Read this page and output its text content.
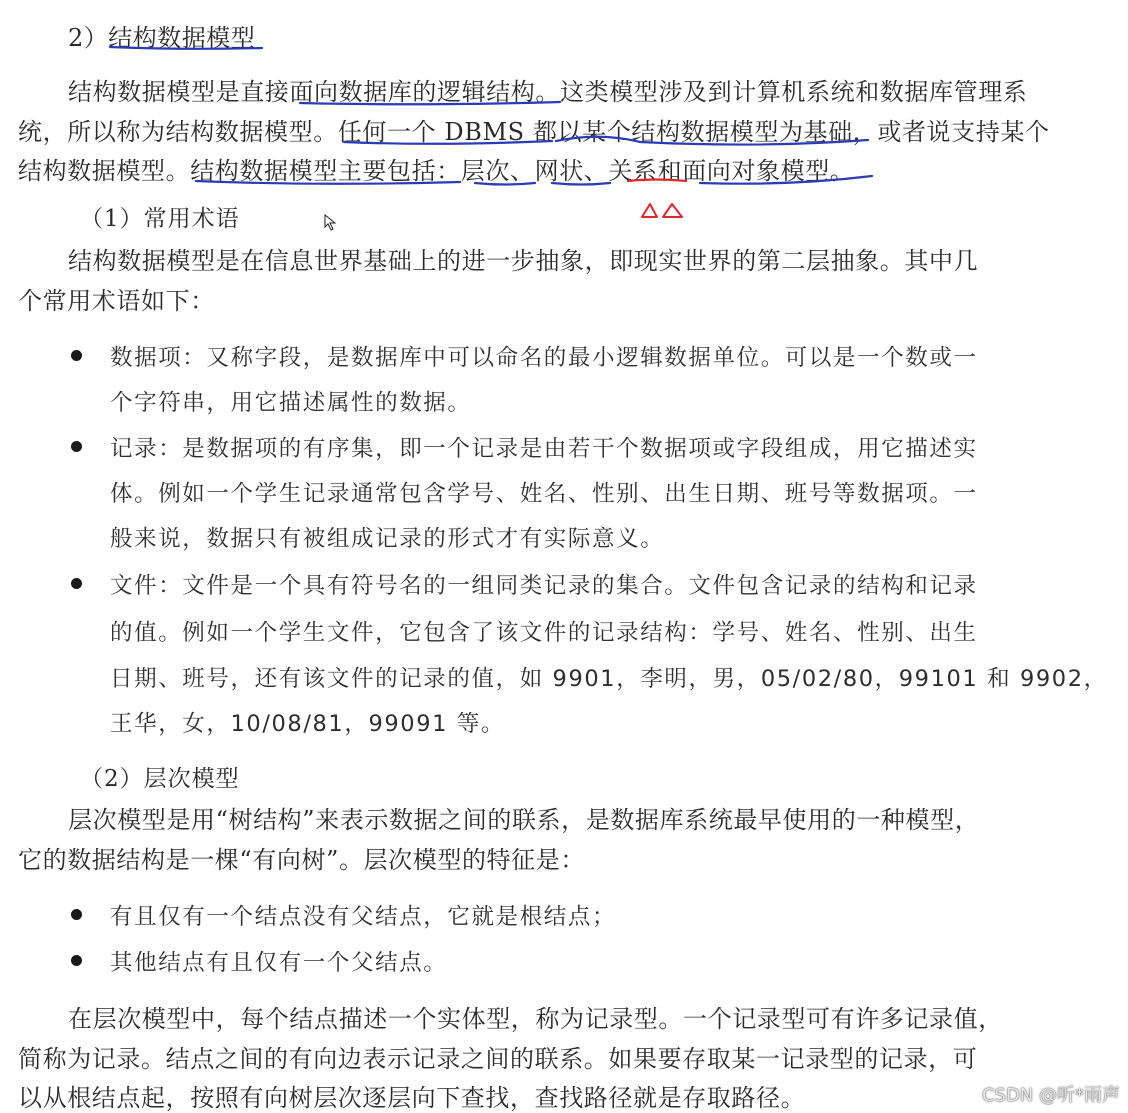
2）结构数据模型
结构数据模型是直接面向数据库的逻辑结构。这类模型涉及到计算机系统和数据库管理系
统，所以称为结构数据模型。任何一个 DBMS 都以某个结构数据模型为基础，或者说支持某个
结构数据模型。结构数据模型主要包括：层次、网状、关系和面向对象模型。
（1）常用术语
结构数据模型是在信息世界基础上的进一步抽象，即现实世界的第二层抽象。其中几
个常用术语如下：
数据项：又称字段，是数据库中可以命名的最小逻辑数据单位。可以是一个数或一
个字符串，用它描述属性的数据。
记录：是数据项的有序集，即一个记录是由若干个数据项或字段组成，用它描述实
体。例如一个学生记录通常包含学号、姓名、性别、出生日期、班号等数据项。一
般来说，数据只有被组成记录的形式才有实际意义。
文件：文件是一个具有符号名的一组同类记录的集合。文件包含记录的结构和记录
的值。例如一个学生文件，它包含了该文件的记录结构：学号、姓名、性别、出生
日期、班号，还有该文件的记录的值，如 9901，李明，男，05/02/80，99101 和 9902，
王华，女，10/08/81，99091 等。
（2）层次模型
层次模型是用“树结构”来表示数据之间的联系，是数据库系统最早使用的一种模型，
它的数据结构是一棵“有向树”。层次模型的特征是：
有且仅有一个结点没有父结点，它就是根结点；
其他结点有且仅有一个父结点。
在层次模型中，每个结点描述一个实体型，称为记录型。一个记录型可有许多记录值，
简称为记录。结点之间的有向边表示记录之间的联系。如果要存取某一记录型的记录，可
以从根结点起，按照有向树层次逐层向下查找，查找路径就是存取路径。	CSDN @听*雨声
